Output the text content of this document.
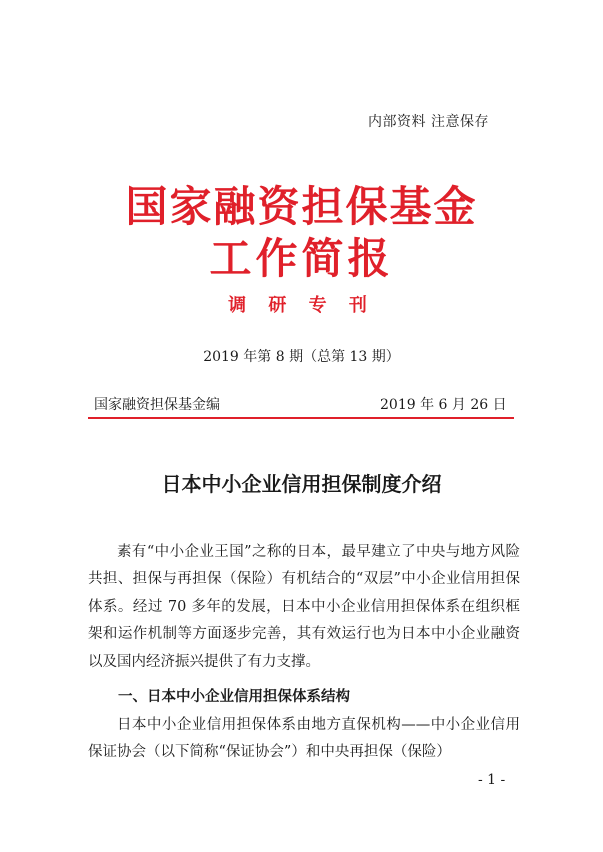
内部资料 注意保存
国家融资担保基金
工作简报
调 研 专 刊
2019 年第 8 期（总第 13 期）
国家融资担保基金编	2019 年 6 月 26 日
日本中小企业信用担保制度介绍

素有“中小企业王国”之称的日本，最早建立了中央与地方风险共担、担保与再担保（保险）有机结合的“双层”中小企业信用担保体系。经过 70 多年的发展，日本中小企业信用担保体系在组织框架和运作机制等方面逐步完善，其有效运行也为日本中小企业融资以及国内经济振兴提供了有力支撑。

一、日本中小企业信用担保体系结构

日本中小企业信用担保体系由地方直保机构——中小企业信用保证协会（以下简称“保证协会”）和中央再担保（保险）

- 1 -
